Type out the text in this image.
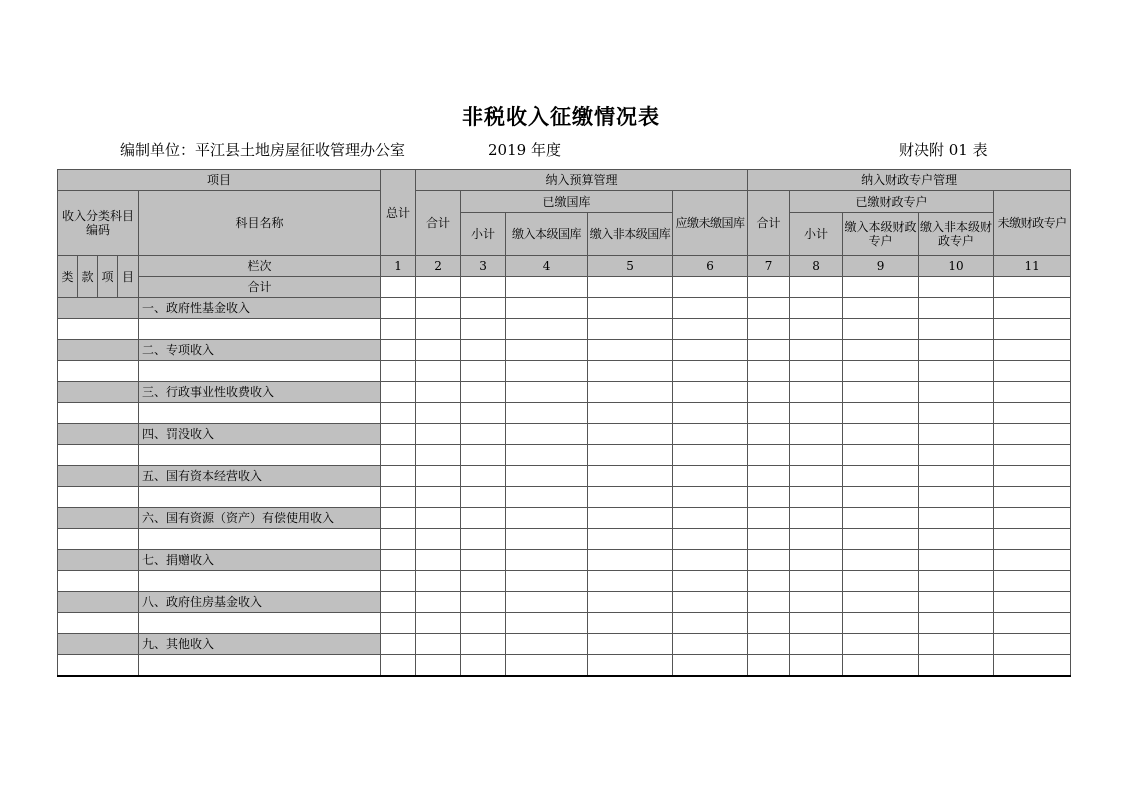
非税收入征缴情况表
编制单位：平江县土地房屋征收管理办公室	2019 年度	财决附 01 表
项目					总计	纳入预算管理					纳入财政专户管理				
收入分类科目编码				科目名称		合计	已缴国库			应缴未缴国库	合计	已缴财政专户			未缴财政专户
							小计	缴入本级国库	缴入非本级国库			小计	缴入本级财政专户	缴入非本级财政专户	
类	款	项	目	栏次	1	2	3	4	5	6	7	8	9	10	11
				合计											
				一、政府性基金收入											

				二、专项收入											

				三、行政事业性收费收入											

				四、罚没收入											

				五、国有资本经营收入											

				六、国有资源（资产）有偿使用收入											

				七、捐赠收入											

				八、政府住房基金收入											

				九、其他收入											
